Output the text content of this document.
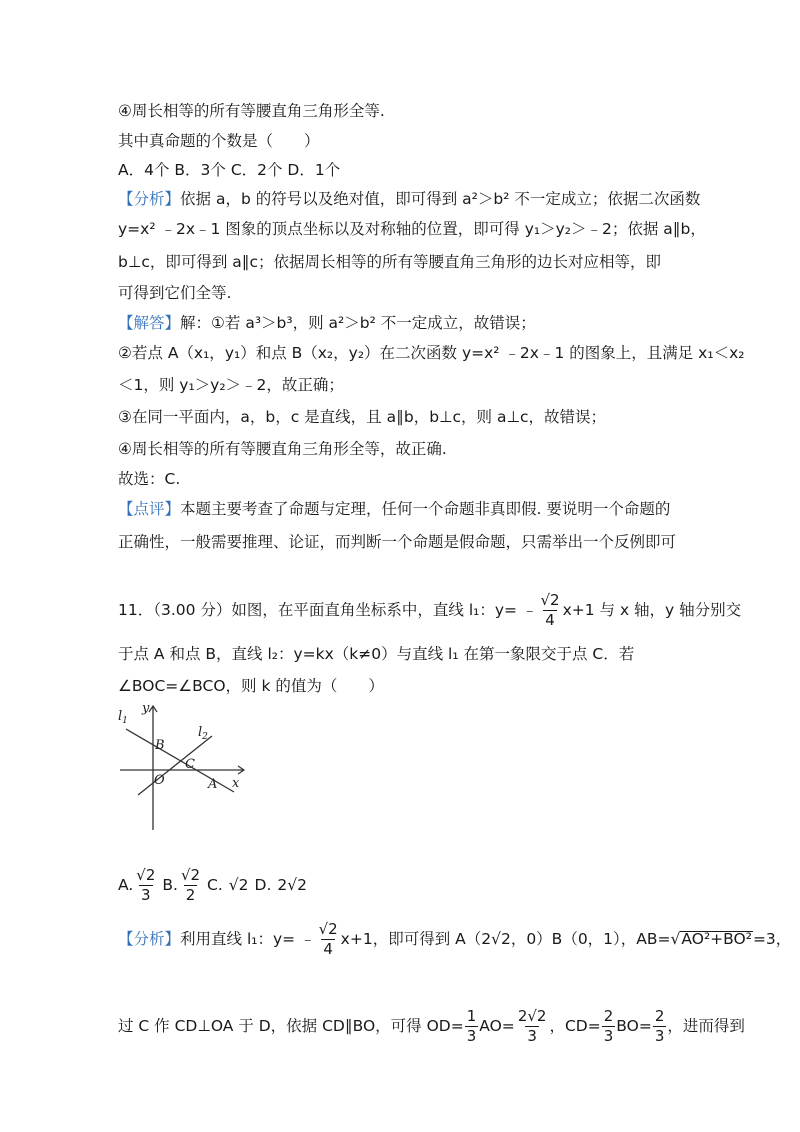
④周长相等的所有等腰直角三角形全等.
其中真命题的个数是（　　）
A．4个 B．3个 C．2个 D．1个
【分析】依据 a，b 的符号以及绝对值，即可得到 a²＞b² 不一定成立；依据二次函数
y=x² ﹣2x﹣1 图象的顶点坐标以及对称轴的位置，即可得 y₁＞y₂＞﹣2；依据 a∥b，
b⊥c，即可得到 a∥c；依据周长相等的所有等腰直角三角形的边长对应相等，即
可得到它们全等.
【解答】解：①若 a³＞b³，则 a²＞b² 不一定成立，故错误；
②若点 A（x₁，y₁）和点 B（x₂，y₂）在二次函数 y=x² ﹣2x﹣1 的图象上，且满足 x₁＜x₂
＜1，则 y₁＞y₂＞﹣2，故正确；
③在同一平面内，a，b，c 是直线，且 a∥b，b⊥c，则 a⊥c，故错误；
④周长相等的所有等腰直角三角形全等，故正确.
故选：C.
【点评】本题主要考查了命题与定理，任何一个命题非真即假. 要说明一个命题的
正确性，一般需要推理、论证，而判断一个命题是假命题，只需举出一个反例即可
11．（3.00 分）如图，在平面直角坐标系中，直线 l₁：y= ﹣ $\frac{√2}{4} x+1$ 与 x 轴，y 轴分别交
于点 A 和点 B，直线 l₂：y=kx（k≠0）与直线 l₁ 在第一象限交于点 C．若
∠BOC=∠BCO，则 k 的值为（　　）
y
x
O	A
B
C
$l_1$
$l_2$
A. $\frac{√2}{3} B$. $\frac{√2}{2} C$. √2 D. 2√2
【分析】 利用直线 l₁：y= ﹣ $\frac{√2}{4} x+1$，即可得到 A（2√2，0）B（0，1），AB= √ AO²+BO² =3，
过 C 作 CD⊥OA 于 D，依据 CD∥BO，可得 $OD= \frac{1}{3} AO= \frac{2√2}{3}$ ，$CD= \frac{2}{3} BO= \frac{2}{3}$ ，进而得到
